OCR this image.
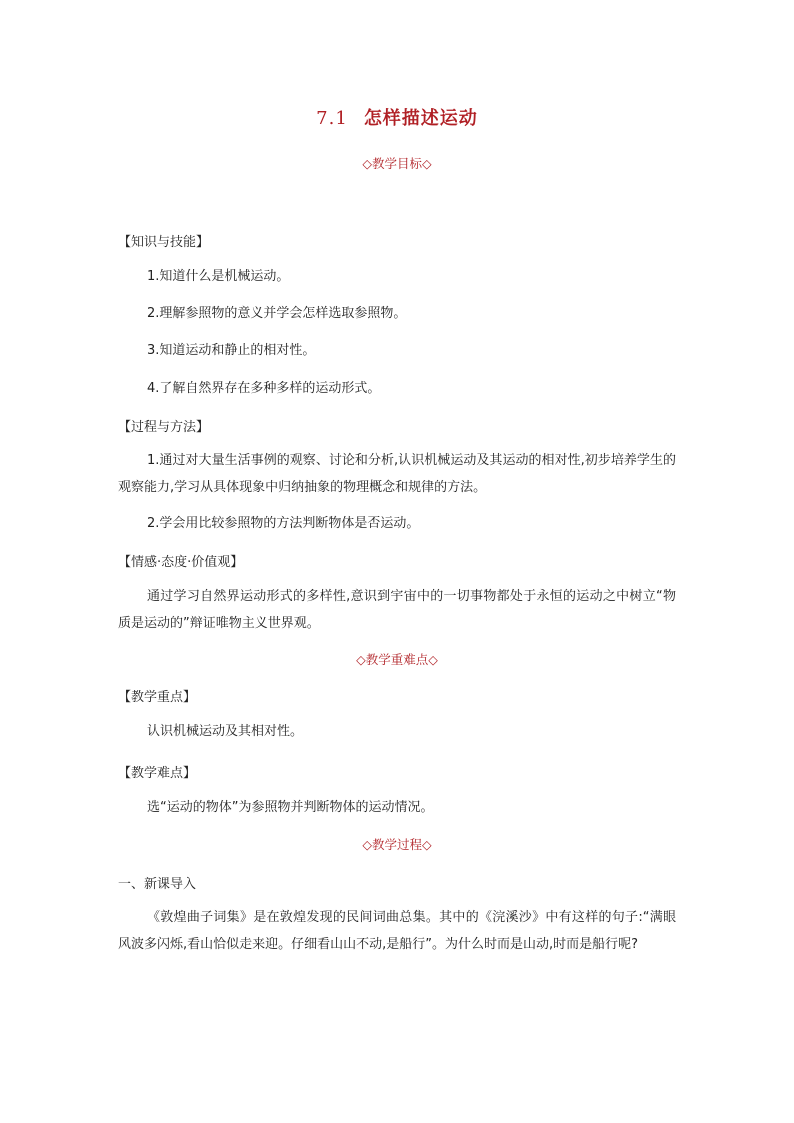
7.1 怎样描述运动
◇教学目标◇
【知识与技能】
1.知道什么是机械运动。
2.理解参照物的意义并学会怎样选取参照物。
3.知道运动和静止的相对性。
4.了解自然界存在多种多样的运动形式。
【过程与方法】
1.通过对大量生活事例的观察、讨论和分析,认识机械运动及其运动的相对性,初步培养学生的观察能力,学习从具体现象中归纳抽象的物理概念和规律的方法。
2.学会用比较参照物的方法判断物体是否运动。
【情感·态度·价值观】
通过学习自然界运动形式的多样性,意识到宇宙中的一切事物都处于永恒的运动之中树立“物质是运动的”辩证唯物主义世界观。
◇教学重难点◇
【教学重点】
认识机械运动及其相对性。
【教学难点】
选“运动的物体”为参照物并判断物体的运动情况。
◇教学过程◇
一、新课导入
《敦煌曲子词集》是在敦煌发现的民间词曲总集。其中的《浣溪沙》中有这样的句子:“满眼风波多闪烁,看山恰似走来迎。仔细看山山不动,是船行”。为什么时而是山动,时而是船行呢?
